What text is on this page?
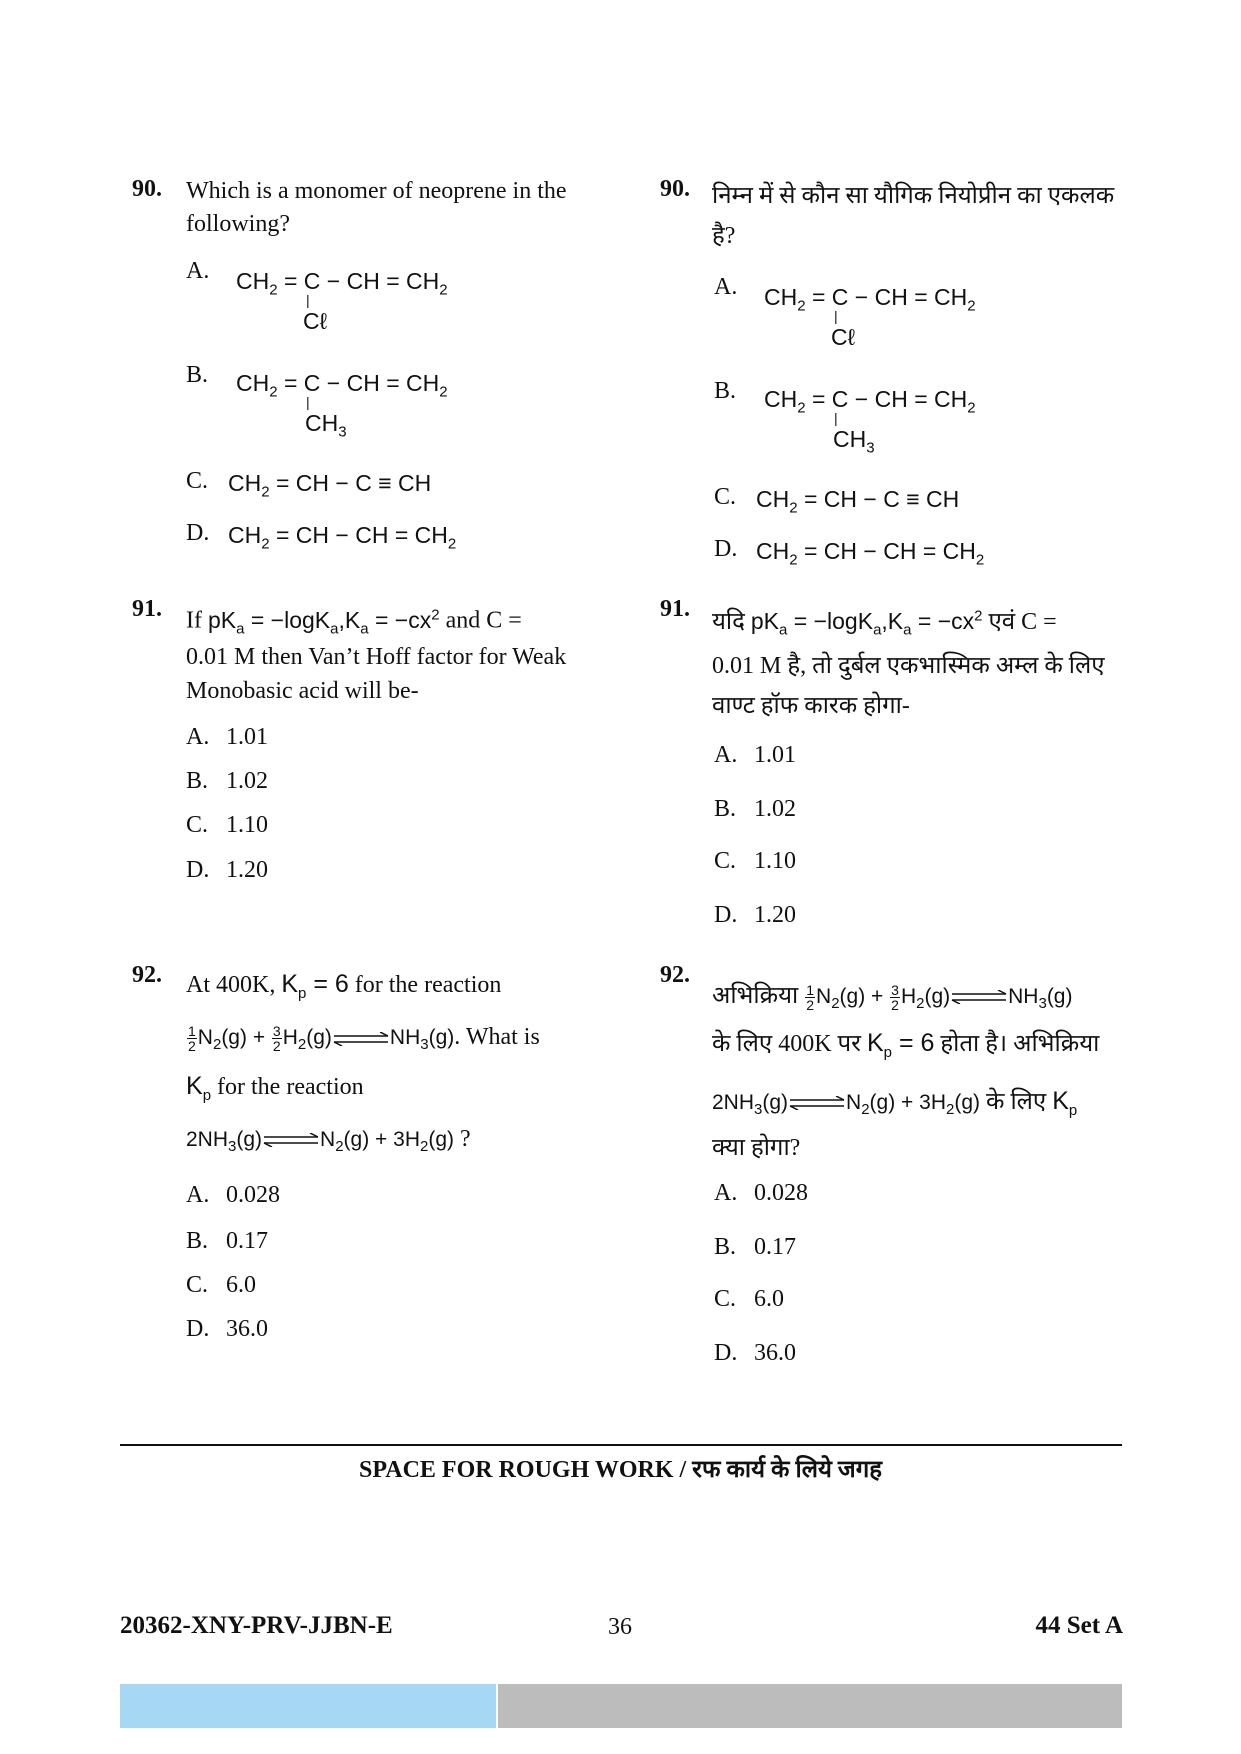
90. Which is a monomer of neoprene in the
following?
A. $CH_2 = C$ − CH = $CH_2$
|
Cℓ
B. $CH_2 = C$ − CH = $CH_2$
|
$CH_3$
C. $CH_2$ = CH − C ≡ CH
D. $CH_2$ = CH − CH = $CH_2$
90. निम्न में से कौन सा यौगिक नियोप्रीन का एकलक
है?
A. $CH_2 = C$ − CH = $CH_2$
|
Cℓ
B. $CH_2 = C$ − CH = $CH_2$
|
$CH_3$
C. $CH_2$ = CH − C ≡ CH
D. $CH_2$ = CH − CH = $CH_2$
91. If $pK_a = -\log K_a,K_a = -cx^2$ and C =
0.01 M then Van’t Hoff factor for Weak
Monobasic acid will be-
A. 1.01
B. 1.02
C. 1.10
D. 1.20
91. यदि $pK_a = -\log K_a,K_a = -cx^2$ एवं C =
0.01 M है, तो दुर्बल एकभास्मिक अम्ल के लिए
वाण्ट हॉफ कारक होगा-
A. 1.01
B. 1.02
C. 1.10
D. 1.20
92. At 400K, $K_p = 6$ for the reaction
$\frac{1}{2} N_2(g) + \frac{3}{2}$ $H_2(g)\rightleftharpoons NH_3(g)$. What is
$K_p$ for the reaction
$2NH_3(g)\rightleftharpoons N_2(g) + 3H_2(g)$ ?
A. 0.028
B. 0.17
C. 6.0
D. 36.0
92.
अभिक्रिया $\frac{1}{2} N_2(g) + \frac{3}{2}$ $H_2(g)\rightleftharpoons NH_3(g)$
के लिए 400K पर $K_p = 6$ होता है। अभिक्रिया
$2NH_3(g)\rightleftharpoons N_2(g) + 3H_2(g)$ के लिए $K_p$
क्या होगा?
A. 0.028
B. 0.17
C. 6.0
D. 36.0
SPACE FOR ROUGH WORK / रफ कार्य के लिये जगह
20362-XNY-PRV-JJBN-E	36	44 Set A
